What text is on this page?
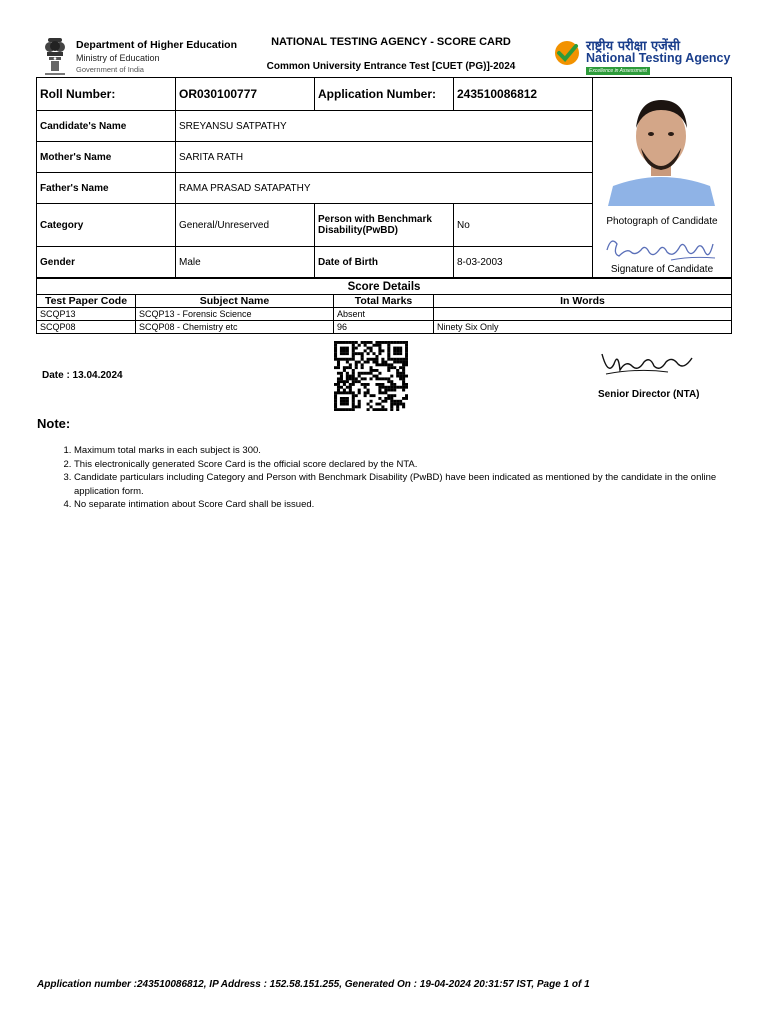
Department of Higher Education
Ministry of Education
Government of India
NATIONAL TESTING AGENCY - SCORE CARD
Common University Entrance Test [CUET (PG)]-2024
राष्ट्रीय परीक्षा एजेंसी
National Testing Agency
Excellence in Assessment
Roll Number:	OR030100777	Application Number:	243510086812	Photograph of Candidate
Signature of Candidate

Candidate's Name	SREYANSU SATPATHY			
Mother's Name	SARITA RATH			
Father's Name	RAMA PRASAD SATAPATHY			
Category	General/Unreserved	Person with Benchmark Disability(PwBD)	No	
Gender	Male	Date of Birth	8-03-2003	
Score Details			
Test Paper Code	Subject Name	Total Marks	In Words
SCQP13	SCQP13 - Forensic Science	Absent	
SCQP08	SCQP08 - Chemistry etc	96	Ninety Six Only
Date : 13.04.2024
Senior Director (NTA)
Note:
1. Maximum total marks in each subject is 300.
2. This electronically generated Score Card is the official score declared by the NTA.
3. Candidate particulars including Category and Person with Benchmark Disability (PwBD) have been indicated as mentioned by the candidate in the online application form.
4. No separate intimation about Score Card shall be issued.
Application number :243510086812, IP Address : 152.58.151.255, Generated On : 19-04-2024 20:31:57 IST, Page 1 of 1
